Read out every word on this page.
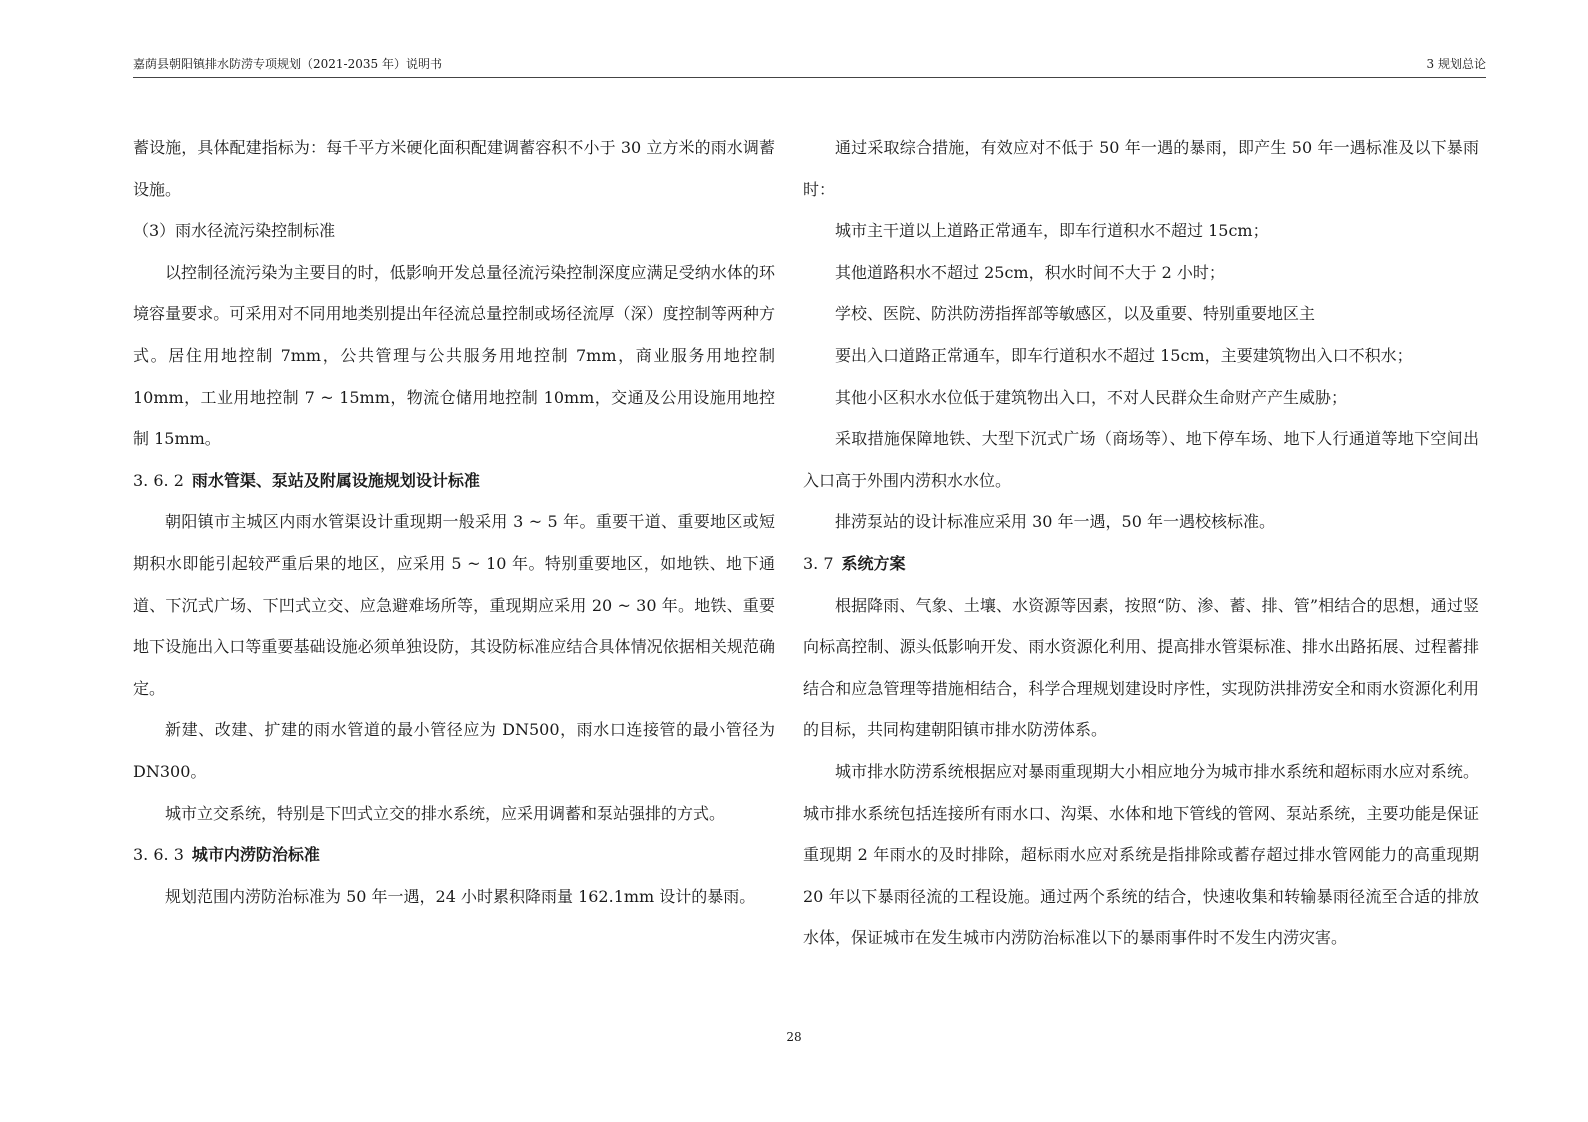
嘉荫县朝阳镇排水防涝专项规划（2021-2035 年）说明书	3 规划总论

蓄设施，具体配建指标为：每千平方米硬化面积配建调蓄容积不小于 30 立方米的雨水调蓄设施。

（3）雨水径流污染控制标准

以控制径流污染为主要目的时，低影响开发总量径流污染控制深度应满足受纳水体的环境容量要求。可采用对不同用地类别提出年径流总量控制或场径流厚（深）度控制等两种方式。居住用地控制 7mm，公共管理与公共服务用地控制 7mm，商业服务用地控制 10mm，工业用地控制 7 ~ 15mm，物流仓储用地控制 10mm，交通及公用设施用地控制 15mm。

3. 6. 2 雨水管渠、泵站及附属设施规划设计标准

朝阳镇市主城区内雨水管渠设计重现期一般采用 3 ~ 5 年。重要干道、重要地区或短期积水即能引起较严重后果的地区，应采用 5 ~ 10 年。特别重要地区，如地铁、地下通道、下沉式广场、下凹式立交、应急避难场所等，重现期应采用 20 ~ 30 年。地铁、重要地下设施出入口等重要基础设施必须单独设防，其设防标准应结合具体情况依据相关规范确定。

新建、改建、扩建的雨水管道的最小管径应为 DN500，雨水口连接管的最小管径为 DN300。

城市立交系统，特别是下凹式立交的排水系统，应采用调蓄和泵站强排的方式。

3. 6. 3 城市内涝防治标准

规划范围内涝防治标准为 50 年一遇，24 小时累积降雨量 162.1mm 设计的暴雨。

通过采取综合措施，有效应对不低于 50 年一遇的暴雨，即产生 50 年一遇标准及以下暴雨时：

城市主干道以上道路正常通车，即车行道积水不超过 15cm；

其他道路积水不超过 25cm，积水时间不大于 2 小时；

学校、医院、防洪防涝指挥部等敏感区，以及重要、特别重要地区主

要出入口道路正常通车，即车行道积水不超过 15cm，主要建筑物出入口不积水；

其他小区积水水位低于建筑物出入口，不对人民群众生命财产产生威胁；

采取措施保障地铁、大型下沉式广场（商场等）、地下停车场、地下人行通道等地下空间出入口高于外围内涝积水水位。

排涝泵站的设计标准应采用 30 年一遇，50 年一遇校核标准。

3. 7 系统方案

根据降雨、气象、土壤、水资源等因素，按照“防、渗、蓄、排、管”相结合的思想，通过竖向标高控制、源头低影响开发、雨水资源化利用、提高排水管渠标准、排水出路拓展、过程蓄排结合和应急管理等措施相结合，科学合理规划建设时序性，实现防洪排涝安全和雨水资源化利用的目标，共同构建朝阳镇市排水防涝体系。

城市排水防涝系统根据应对暴雨重现期大小相应地分为城市排水系统和超标雨水应对系统。城市排水系统包括连接所有雨水口、沟渠、水体和地下管线的管网、泵站系统，主要功能是保证重现期 2 年雨水的及时排除，超标雨水应对系统是指排除或蓄存超过排水管网能力的高重现期 20 年以下暴雨径流的工程设施。通过两个系统的结合，快速收集和转输暴雨径流至合适的排放水体，保证城市在发生城市内涝防治标准以下的暴雨事件时不发生内涝灾害。

28
